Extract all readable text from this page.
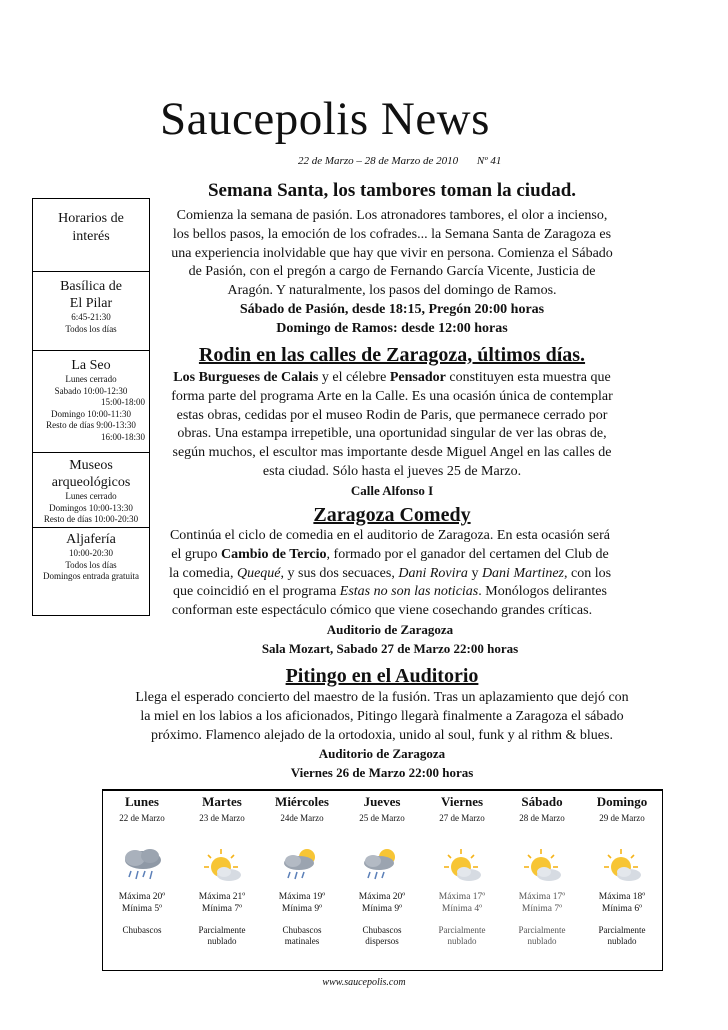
Saucepolis News
22 de Marzo – 28 de Marzo de 2010 Nº 41
Horarios de interés
Basílica de
El Pilar
6:45-21:30
Todos los días
La Seo
Lunes cerrado
Sabado 10:00-12:30
15:00-18:00
Domingo 10:00-11:30
Resto de días 9:00-13:30
16:00-18:30
Museos
arqueológicos
Lunes cerrado
Domingos 10:00-13:30
Resto de días 10:00-20:30
Aljafería
10:00-20:30
Todos los días
Domingos entrada gratuita
Semana Santa, los tambores toman la ciudad.
Comienza la semana de pasión. Los atronadores tambores, el olor a incienso,
los bellos pasos, la emoción de los cofrades... la Semana Santa de Zaragoza es
una experiencia inolvidable que hay que vivir en persona. Comienza el Sábado
de Pasión, con el pregón a cargo de Fernando García Vicente, Justicia de
Aragón. Y naturalmente, los pasos del domingo de Ramos.
Sábado de Pasión, desde 18:15, Pregón 20:00 horas
Domingo de Ramos: desde 12:00 horas
Rodin en las calles de Zaragoza, últimos días.
Los Burgueses de Calais y el célebre Pensador constituyen esta muestra que
forma parte del programa Arte en la Calle. Es una ocasión única de contemplar
estas obras, cedidas por el museo Rodin de Paris, que permanece cerrado por
obras. Una estampa irrepetible, una oportunidad singular de ver las obras de,
según muchos, el escultor mas importante desde Miguel Angel en las calles de
esta ciudad. Sólo hasta el jueves 25 de Marzo.
Calle Alfonso I
Zaragoza Comedy
Continúa el ciclo de comedia en el auditorio de Zaragoza. En esta ocasión será
el grupo Cambio de Tercio, formado por el ganador del certamen del Club de
la comedia, Quequé, y sus dos secuaces, Dani Rovira y Dani Martinez, con los
que coincidió en el programa Estas no son las noticias. Monólogos delirantes
conforman este espectáculo cómico que viene cosechando grandes críticas.
Auditorio de Zaragoza
Sala Mozart, Sabado 27 de Marzo 22:00 horas
Pitingo en el Auditorio
Llega el esperado concierto del maestro de la fusión. Tras un aplazamiento que dejó con
la miel en los labios a los aficionados, Pitingo llegarà finalmente a Zaragoza el sábado
próximo. Flamenco alejado de la ortodoxia, unido al soul, funk y al rithm & blues.
Auditorio de Zaragoza
Viernes 26 de Marzo 22:00 horas
Lunes
22 de Marzo
Máxima 20º
Mínima 5º
Chubascos
Martes
23 de Marzo
Máxima 21º
Mínima 7º
Parcialmente
nublado
Miércoles
24de Marzo
Máxima 19º
Mínima 9º
Chubascos
matinales
Jueves
25 de Marzo
Máxima 20º
Mínima 9º
Chubascos
dispersos
Viernes
27 de Marzo
Máxima 17º
Mínima 4º
Parcialmente
nublado
Sábado
28 de Marzo
Máxima 17º
Mínima 7º
Parcialmente
nublado
Domingo
29 de Marzo
Máxima 18º
Mínima 6º
Parcialmente
nublado
www.saucepolis.com
